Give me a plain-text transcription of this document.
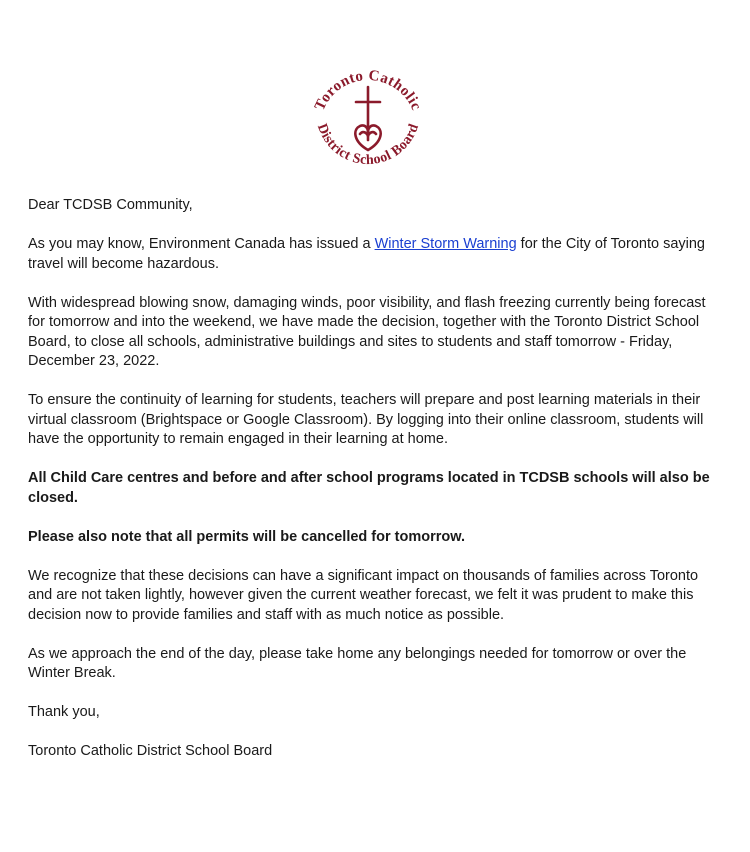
Toronto Catholic
District School Board

Dear TCDSB Community,

As you may know, Environment Canada has issued a Winter Storm Warning for the City of Toronto saying travel will become hazardous.

With widespread blowing snow, damaging winds, poor visibility, and flash freezing currently being forecast for tomorrow and into the weekend, we have made the decision, together with the Toronto District School Board, to close all schools, administrative buildings and sites to students and staff tomorrow - Friday, December 23, 2022.

To ensure the continuity of learning for students, teachers will prepare and post learning materials in their virtual classroom (Brightspace or Google Classroom). By logging into their online classroom, students will have the opportunity to remain engaged in their learning at home.

All Child Care centres and before and after school programs located in TCDSB schools will also be closed.

Please also note that all permits will be cancelled for tomorrow.

We recognize that these decisions can have a significant impact on thousands of families across Toronto and are not taken lightly, however given the current weather forecast, we felt it was prudent to make this decision now to provide families and staff with as much notice as possible.

As we approach the end of the day, please take home any belongings needed for tomorrow or over the Winter Break.

Thank you,

Toronto Catholic District School Board
